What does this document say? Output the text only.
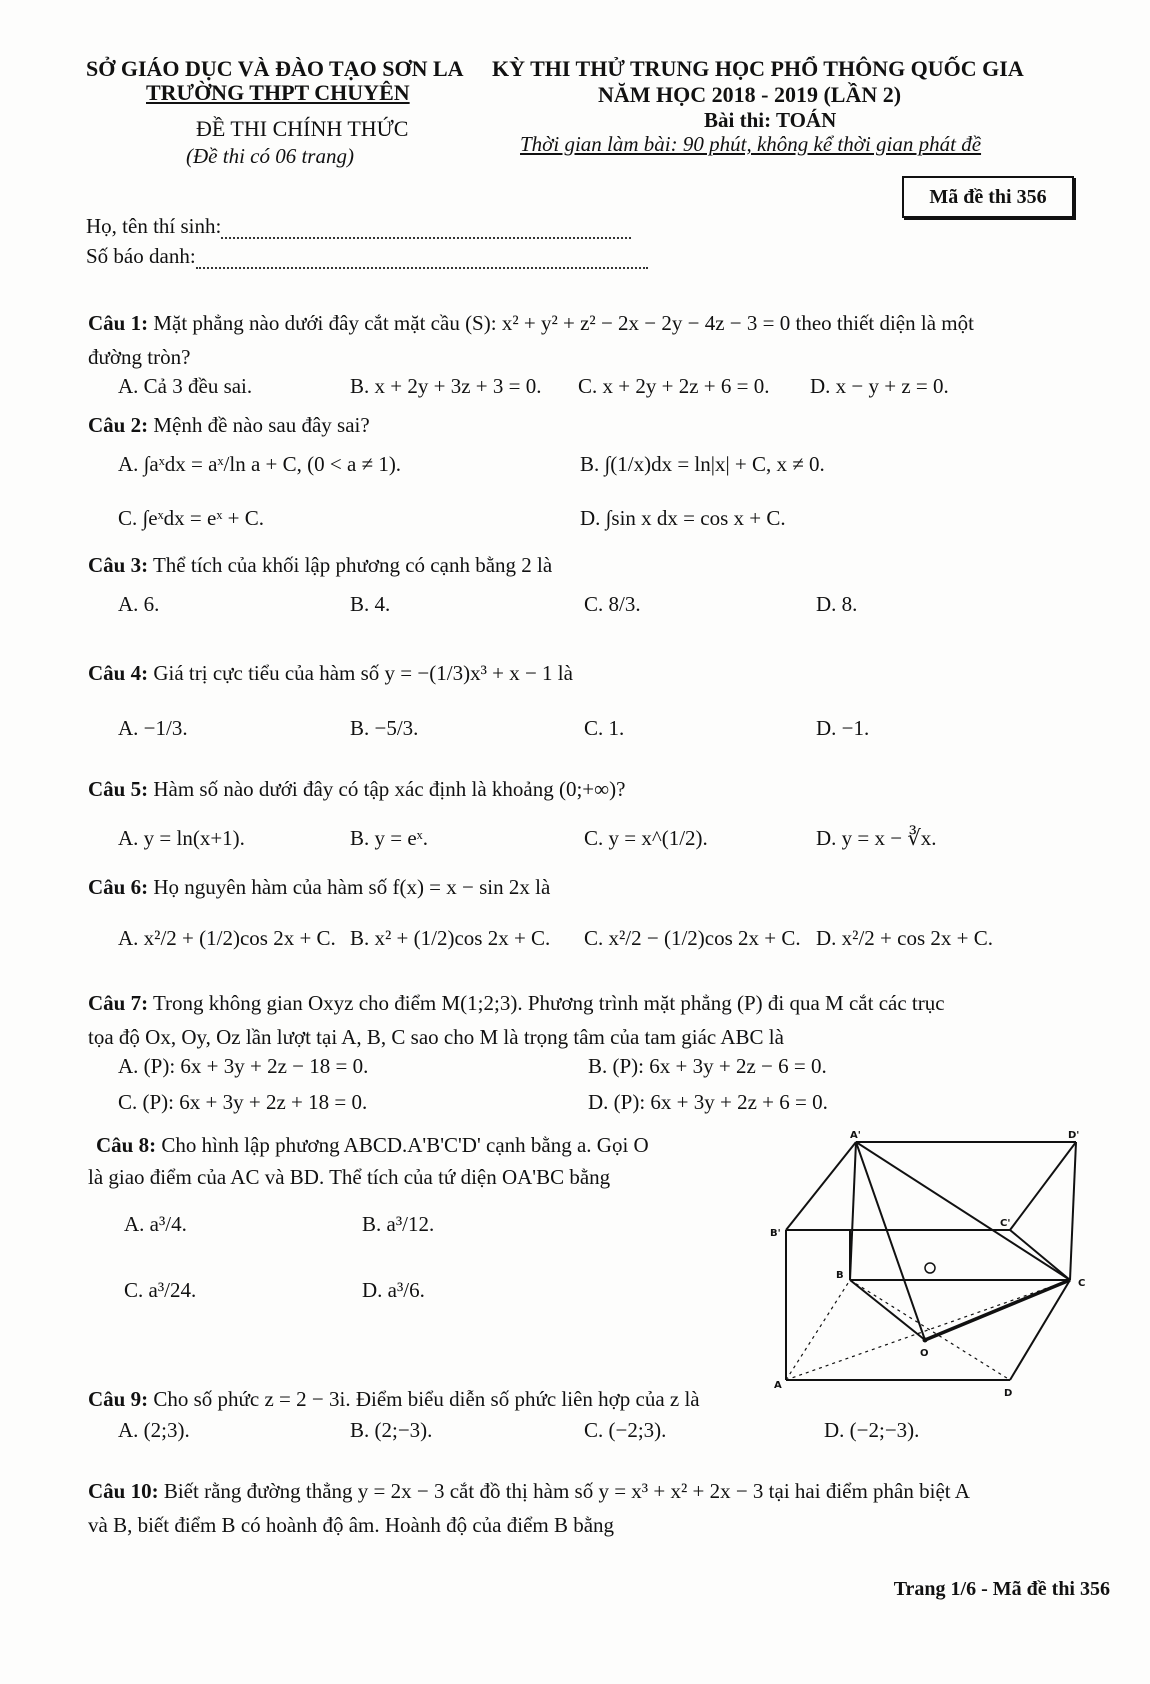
SỞ GIÁO DỤC VÀ ĐÀO TẠO SƠN LA
TRƯỜNG THPT CHUYÊN
ĐỀ THI CHÍNH THỨC
(Đề thi có 06 trang)
KỲ THI THỬ TRUNG HỌC PHỔ THÔNG QUỐC GIA
NĂM HỌC 2018 - 2019 (LẦN 2)
Bài thi: TOÁN
Thời gian làm bài: 90 phút, không kể thời gian phát đề
Mã đề thi 356
Họ, tên thí sinh:
Số báo danh:
Câu 1: Mặt phẳng nào dưới đây cắt mặt cầu (S): x² + y² + z² − 2x − 2y − 4z − 3 = 0 theo thiết diện là một
đường tròn?
A. Cả 3 đều sai.	B. x + 2y + 3z + 3 = 0. C. x + 2y + 2z + 6 = 0. D. x − y + z = 0.
Câu 2: Mệnh đề nào sau đây sai?
A. ∫aˣdx = aˣ/ln a + C, (0 < a ≠ 1).	B. ∫(1/x)dx = ln|x| + C, x ≠ 0.
C. ∫eˣdx = eˣ + C.	D. ∫sin x dx = cos x + C.
Câu 3: Thể tích của khối lập phương có cạnh bằng 2 là
A. 6.	B. 4.	C. 8/3.	D. 8.
Câu 4: Giá trị cực tiểu của hàm số y = −(1/3)x³ + x − 1 là
A. −1/3.	B. −5/3.	C. 1.	D. −1.
Câu 5: Hàm số nào dưới đây có tập xác định là khoảng (0;+∞)?
A. y = ln(x+1).	B. y = eˣ.	C. y = x^(1/2).	D. y = x − ∛x.
Câu 6: Họ nguyên hàm của hàm số f(x) = x − sin 2x là
A. x²/2 + (1/2)cos 2x + C. B. x² + (1/2)cos 2x + C. C. x²/2 − (1/2)cos 2x + C. D. x²/2 + cos 2x + C.
Câu 7: Trong không gian Oxyz cho điểm M(1;2;3). Phương trình mặt phẳng (P) đi qua M cắt các trục
tọa độ Ox, Oy, Oz lần lượt tại A, B, C sao cho M là trọng tâm của tam giác ABC là
A. (P): 6x + 3y + 2z − 18 = 0.	B. (P): 6x + 3y + 2z − 6 = 0.
C. (P): 6x + 3y + 2z + 18 = 0.	D. (P): 6x + 3y + 2z + 6 = 0.
Câu 8: Cho hình lập phương ABCD.A'B'C'D' cạnh bằng a. Gọi O
là giao điểm của AC và BD. Thể tích của tứ diện OA'BC bằng
A. a³/4.	B. a³/12.
C. a³/24.	D. a³/6.
A'	D'
B'
C'
B
C
O
A
D
Câu 9: Cho số phức z = 2 − 3i. Điểm biểu diễn số phức liên hợp của z là
A. (2;3).	B. (2;−3).	C. (−2;3).	D. (−2;−3).
Câu 10: Biết rằng đường thẳng y = 2x − 3 cắt đồ thị hàm số y = x³ + x² + 2x − 3 tại hai điểm phân biệt A
và B, biết điểm B có hoành độ âm. Hoành độ của điểm B bằng
Trang 1/6 - Mã đề thi 356
